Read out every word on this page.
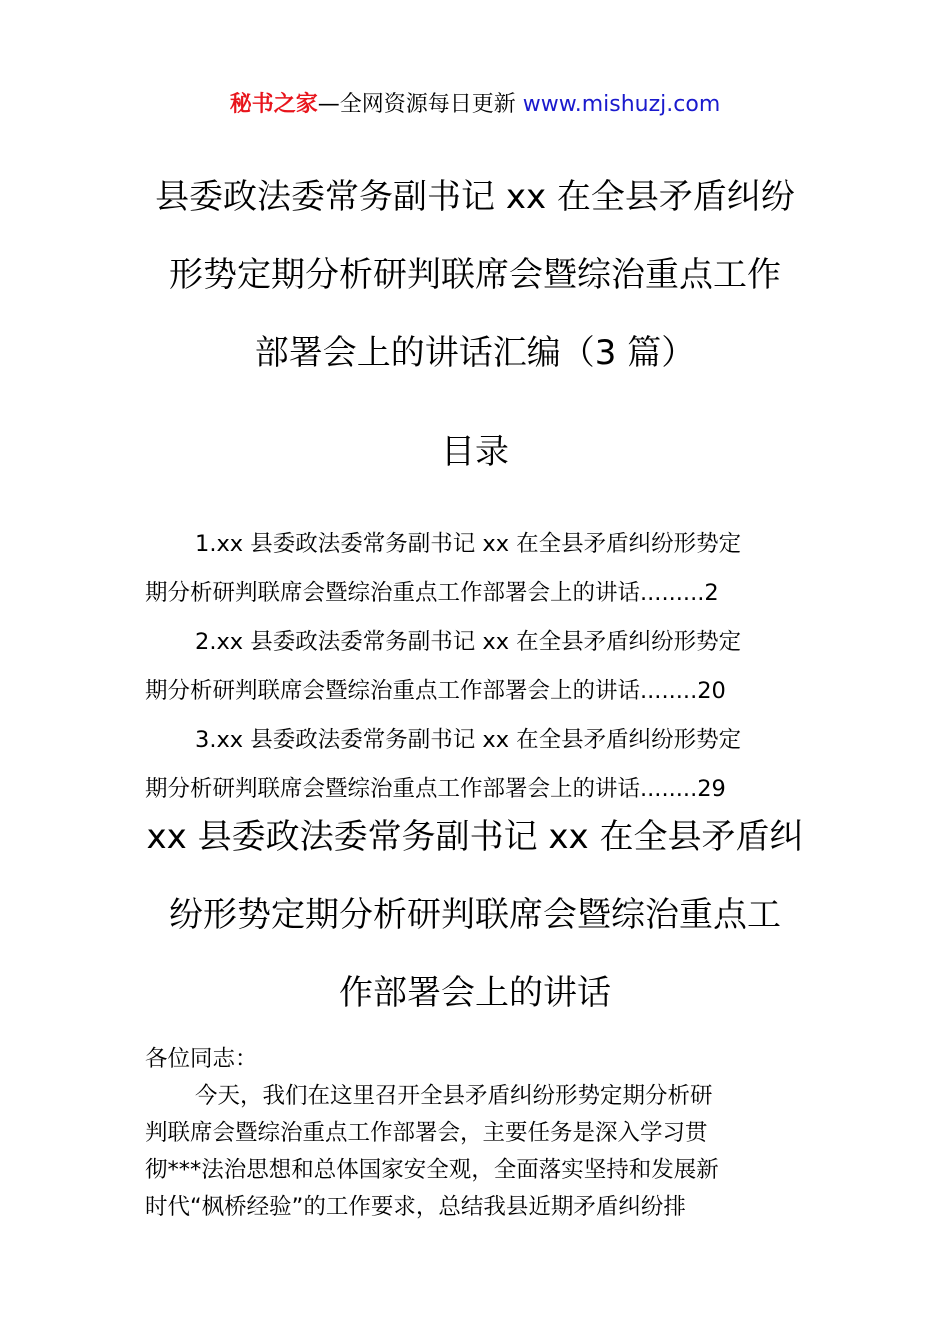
秘书之家—全网资源每日更新 www.mishuzj.com
县委政法委常务副书记 xx 在全县矛盾纠纷
形势定期分析研判联席会暨综治重点工作
部署会上的讲话汇编（3 篇）
目录
1.xx 县委政法委常务副书记 xx 在全县矛盾纠纷形势定
期分析研判联席会暨综治重点工作部署会上的讲话.........2
2.xx 县委政法委常务副书记 xx 在全县矛盾纠纷形势定
期分析研判联席会暨综治重点工作部署会上的讲话........20
3.xx 县委政法委常务副书记 xx 在全县矛盾纠纷形势定
期分析研判联席会暨综治重点工作部署会上的讲话........29
xx 县委政法委常务副书记 xx 在全县矛盾纠
纷形势定期分析研判联席会暨综治重点工
作部署会上的讲话
各位同志：
今天，我们在这里召开全县矛盾纠纷形势定期分析研
判联席会暨综治重点工作部署会，主要任务是深入学习贯
彻***法治思想和总体国家安全观，全面落实坚持和发展新
时代“枫桥经验”的工作要求，总结我县近期矛盾纠纷排
